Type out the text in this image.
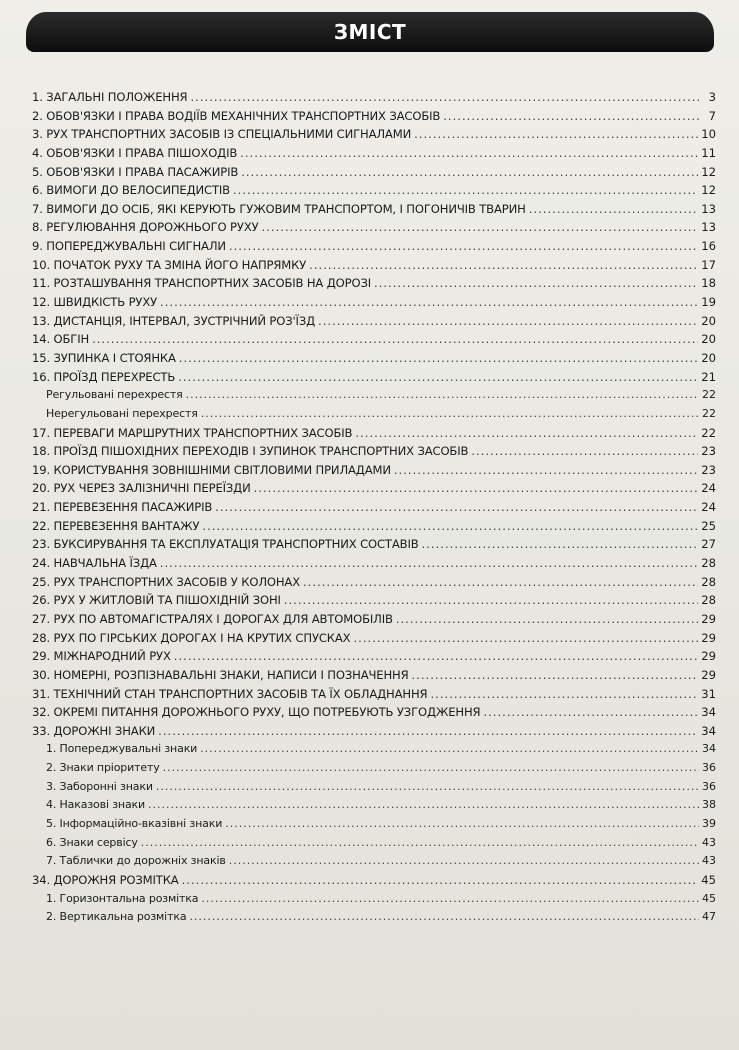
ЗМІСТ
1. ЗАГАЛЬНІ ПОЛОЖЕННЯ .....	3
2. ОБОВ'ЯЗКИ І ПРАВА ВОДІЇВ МЕХАНІЧНИХ ТРАНСПОРТНИХ ЗАСОБІВ .....	7
3. РУХ ТРАНСПОРТНИХ ЗАСОБІВ ІЗ СПЕЦІАЛЬНИМИ СИГНАЛАМИ .....	10
4. ОБОВ'ЯЗКИ І ПРАВА ПІШОХОДІВ .....	11
5. ОБОВ'ЯЗКИ І ПРАВА ПАСАЖИРІВ .....	12
6. ВИМОГИ ДО ВЕЛОСИПЕДИСТІВ .....	12
7. ВИМОГИ ДО ОСІБ, ЯКІ КЕРУЮТЬ ГУЖОВИМ ТРАНСПОРТОМ, І ПОГОНИЧІВ ТВАРИН .....	13
8. РЕГУЛЮВАННЯ ДОРОЖНЬОГО РУХУ .....	13
9. ПОПЕРЕДЖУВАЛЬНІ СИГНАЛИ .....	16
10. ПОЧАТОК РУХУ ТА ЗМІНА ЙОГО НАПРЯМКУ .....	17
11. РОЗТАШУВАННЯ ТРАНСПОРТНИХ ЗАСОБІВ НА ДОРОЗІ .....	18
12. ШВИДКІСТЬ РУХУ .....	19
13. ДИСТАНЦІЯ, ІНТЕРВАЛ, ЗУСТРІЧНИЙ РОЗ'ЇЗД .....	20
14. ОБГІН .....	20
15. ЗУПИНКА І СТОЯНКА .....	20
16. ПРОЇЗД ПЕРЕХРЕСТЬ .....	21
Регульовані перехрестя .....	22
Нерегульовані перехрестя .....	22
17. ПЕРЕВАГИ МАРШРУТНИХ ТРАНСПОРТНИХ ЗАСОБІВ .....	22
18. ПРОЇЗД ПІШОХІДНИХ ПЕРЕХОДІВ І ЗУПИНОК ТРАНСПОРТНИХ ЗАСОБІВ .....	23
19. КОРИСТУВАННЯ ЗОВНІШНІМИ СВІТЛОВИМИ ПРИЛАДАМИ .....	23
20. РУХ ЧЕРЕЗ ЗАЛІЗНИЧНІ ПЕРЕЇЗДИ .....	24
21. ПЕРЕВЕЗЕННЯ ПАСАЖИРІВ .....	24
22. ПЕРЕВЕЗЕННЯ ВАНТАЖУ .....	25
23. БУКСИРУВАННЯ ТА ЕКСПЛУАТАЦІЯ ТРАНСПОРТНИХ СОСТАВІВ .....	27
24. НАВЧАЛЬНА ЇЗДА .....	28
25. РУХ ТРАНСПОРТНИХ ЗАСОБІВ У КОЛОНАХ .....	28
26. РУХ У ЖИТЛОВІЙ ТА ПІШОХІДНІЙ ЗОНІ .....	28
27. РУХ ПО АВТОМАГІСТРАЛЯХ І ДОРОГАХ ДЛЯ АВТОМОБІЛІВ .....	29
28. РУХ ПО ГІРСЬКИХ ДОРОГАХ І НА КРУТИХ СПУСКАХ .....	29
29. МІЖНАРОДНИЙ РУХ .....	29
30. НОМЕРНІ, РОЗПІЗНАВАЛЬНІ ЗНАКИ, НАПИСИ І ПОЗНАЧЕННЯ .....	29
31. ТЕХНІЧНИЙ СТАН ТРАНСПОРТНИХ ЗАСОБІВ ТА ЇХ ОБЛАДНАННЯ .....	31
32. ОКРЕМІ ПИТАННЯ ДОРОЖНЬОГО РУХУ, ЩО ПОТРЕБУЮТЬ УЗГОДЖЕННЯ .....	34
33. ДОРОЖНІ ЗНАКИ .....	34
1. Попереджувальні знаки .....	34
2. Знаки пріоритету .....	36
3. Заборонні знаки .....	36
4. Наказові знаки .....	38
5. Інформаційно-вказівні знаки .....	39
6. Знаки сервісу .....	43
7. Таблички до дорожніх знаків .....	43
34. ДОРОЖНЯ РОЗМІТКА .....	45
1. Горизонтальна розмітка .....	45
2. Вертикальна розмітка .....	47
